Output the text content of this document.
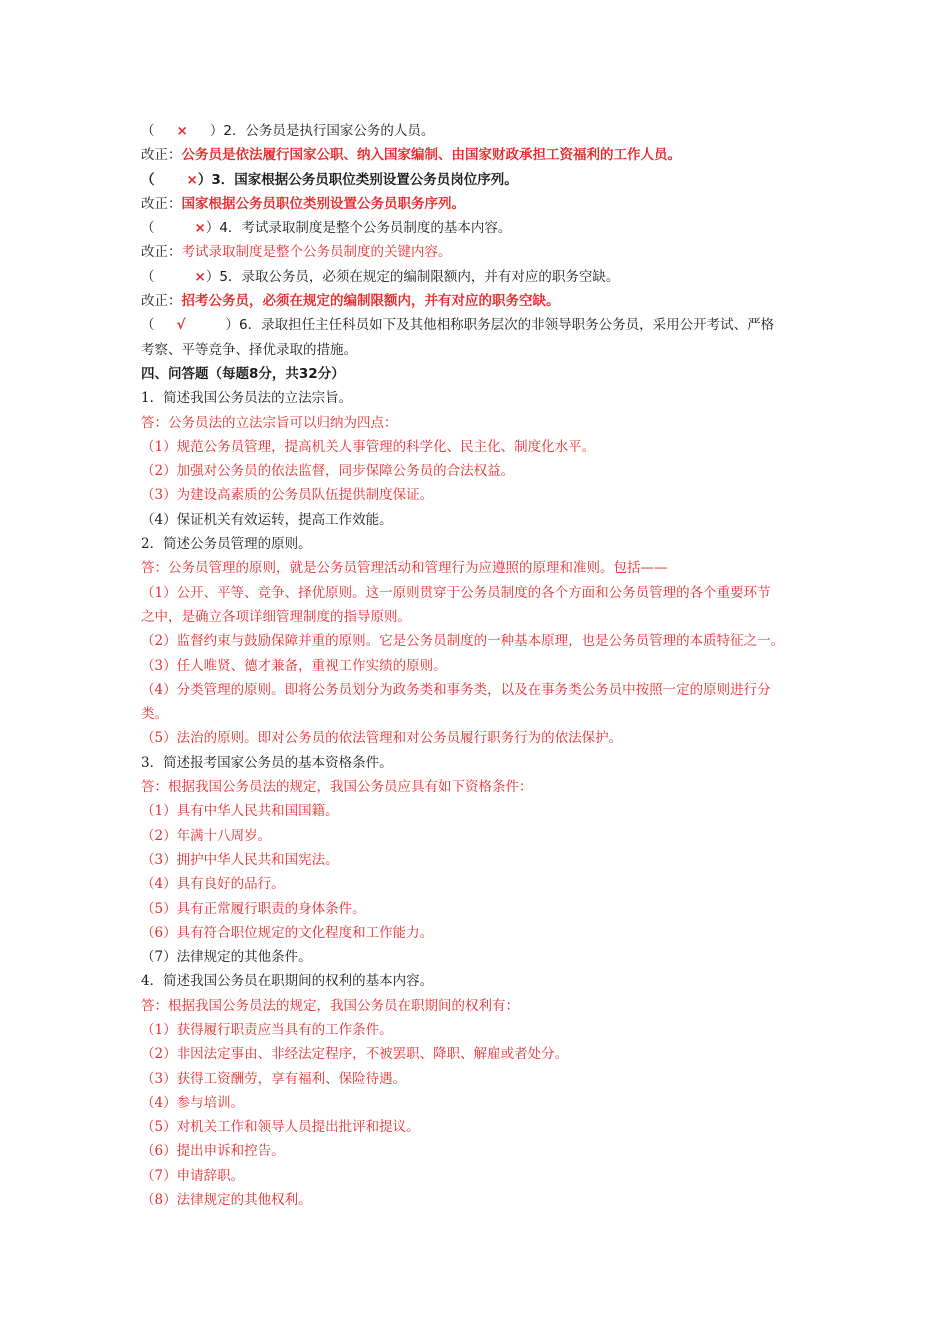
（ × ）2．公务员是执行国家公务的人员。
改正：公务员是依法履行国家公职、纳入国家编制、由国家财政承担工资福利的工作人员。
（ ×）3．国家根据公务员职位类别设置公务员岗位序列。
改正：国家根据公务员职位类别设置公务员职务序列。
（	×）4．考试录取制度是整个公务员制度的基本内容。
改正：考试录取制度是整个公务员制度的关键内容。
（	×）5．录取公务员，必须在规定的编制限额内，并有对应的职务空缺。
改正：招考公务员，必须在规定的编制限额内，并有对应的职务空缺。
（ √	）6．录取担任主任科员如下及其他相称职务层次的非领导职务公务员，采用公开考试、严格
考察、平等竞争、择优录取的措施。
四、问答题（每题8分，共32分）
1．简述我国公务员法的立法宗旨。
答：公务员法的立法宗旨可以归纳为四点：
（1）规范公务员管理，提高机关人事管理的科学化、民主化、制度化水平。
（2）加强对公务员的依法监督，同步保障公务员的合法权益。
（3）为建设高素质的公务员队伍提供制度保证。
（4）保证机关有效运转，提高工作效能。
2．简述公务员管理的原则。
答：公务员管理的原则，就是公务员管理活动和管理行为应遵照的原理和准则。包括——
（1）公开、平等、竞争、择优原则。这一原则贯穿于公务员制度的各个方面和公务员管理的各个重要环节
之中，是确立各项详细管理制度的指导原则。
（2）监督约束与鼓励保障并重的原则。它是公务员制度的一种基本原理，也是公务员管理的本质特征之一。
（3）任人唯贤、德才兼备，重视工作实绩的原则。
（4）分类管理的原则。即将公务员划分为政务类和事务类，以及在事务类公务员中按照一定的原则进行分
类。
（5）法治的原则。即对公务员的依法管理和对公务员履行职务行为的依法保护。
3．简述报考国家公务员的基本资格条件。
答：根据我国公务员法的规定，我国公务员应具有如下资格条件：
（1）具有中华人民共和国国籍。
（2）年满十八周岁。
（3）拥护中华人民共和国宪法。
（4）具有良好的品行。
（5）具有正常履行职责的身体条件。
（6）具有符合职位规定的文化程度和工作能力。
（7）法律规定的其他条件。
4．简述我国公务员在职期间的权利的基本内容。
答：根据我国公务员法的规定，我国公务员在职期间的权利有：
（1）获得履行职责应当具有的工作条件。
（2）非因法定事由、非经法定程序，不被罢职、降职、解雇或者处分。
（3）获得工资酬劳，享有福利、保险待遇。
（4）参与培训。
（5）对机关工作和领导人员提出批评和提议。
（6）提出申诉和控告。
（7）申请辞职。
（8）法律规定的其他权利。
